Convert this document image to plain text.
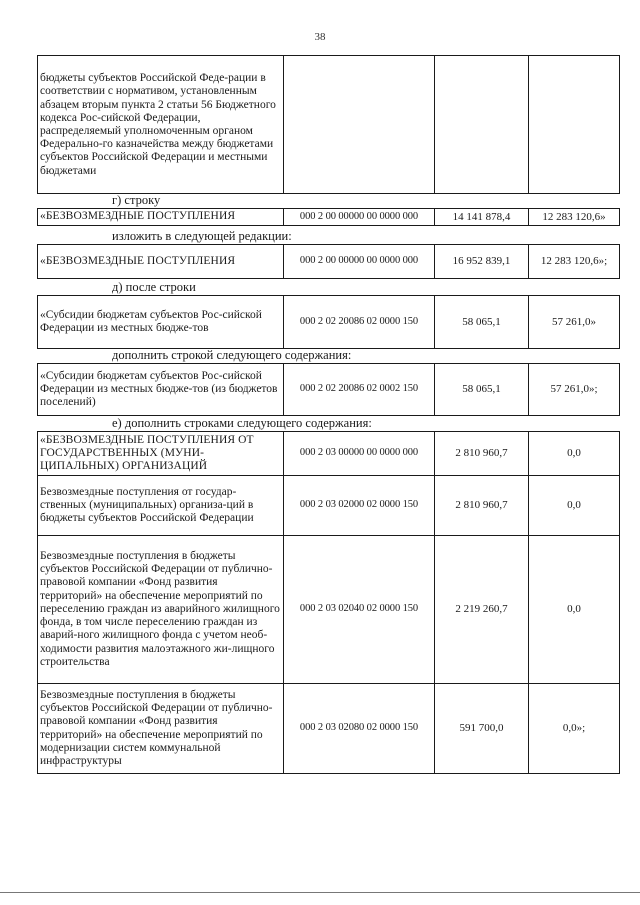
38
бюджеты субъектов Российской Феде-рации в соответствии с нормативом, установленным абзацем вторым пункта 2 статьи 56 Бюджетного кодекса Рос-сийской Федерации, распределяемый уполномоченным органом Федерально-го казначейства между бюджетами субъектов Российской Федерации и местными бюджетами			
г) строку
«БЕЗВОЗМЕЗДНЫЕ ПОСТУПЛЕНИЯ	000 2 00 00000 00 0000 000	14 141 878,4	12 283 120,6»
изложить в следующей редакции:
«БЕЗВОЗМЕЗДНЫЕ ПОСТУПЛЕНИЯ	000 2 00 00000 00 0000 000	16 952 839,1	12 283 120,6»;
д) после строки
«Субсидии бюджетам субъектов Рос-сийской Федерации из местных бюдже-тов	000 2 02 20086 02 0000 150	58 065,1	57 261,0»
дополнить строкой следующего содержания:
«Субсидии бюджетам субъектов Рос-сийской Федерации из местных бюдже-тов (из бюджетов поселений)	000 2 02 20086 02 0002 150	58 065,1	57 261,0»;
е) дополнить строками следующего содержания:
«БЕЗВОЗМЕЗДНЫЕ ПОСТУПЛЕНИЯ ОТ ГОСУДАРСТВЕННЫХ (МУНИ-ЦИПАЛЬНЫХ) ОРГАНИЗАЦИЙ	000 2 03 00000 00 0000 000	2 810 960,7	0,0
Безвозмездные поступления от государ-ственных (муниципальных) организа-ций в бюджеты субъектов Российской Федерации	000 2 03 02000 02 0000 150	2 810 960,7	0,0
Безвозмездные поступления в бюджеты субъектов Российской Федерации от публично-правовой компании «Фонд развития территорий» на обеспечение мероприятий по переселению граждан из аварийного жилищного фонда, в том числе переселению граждан из аварий-ного жилищного фонда с учетом необ-ходимости развития малоэтажного жи-лищного строительства	000 2 03 02040 02 0000 150	2 219 260,7	0,0
Безвозмездные поступления в бюджеты субъектов Российской Федерации от публично-правовой компании «Фонд развития территорий» на обеспечение мероприятий по модернизации систем коммунальной инфраструктуры	000 2 03 02080 02 0000 150	591 700,0	0,0»;
